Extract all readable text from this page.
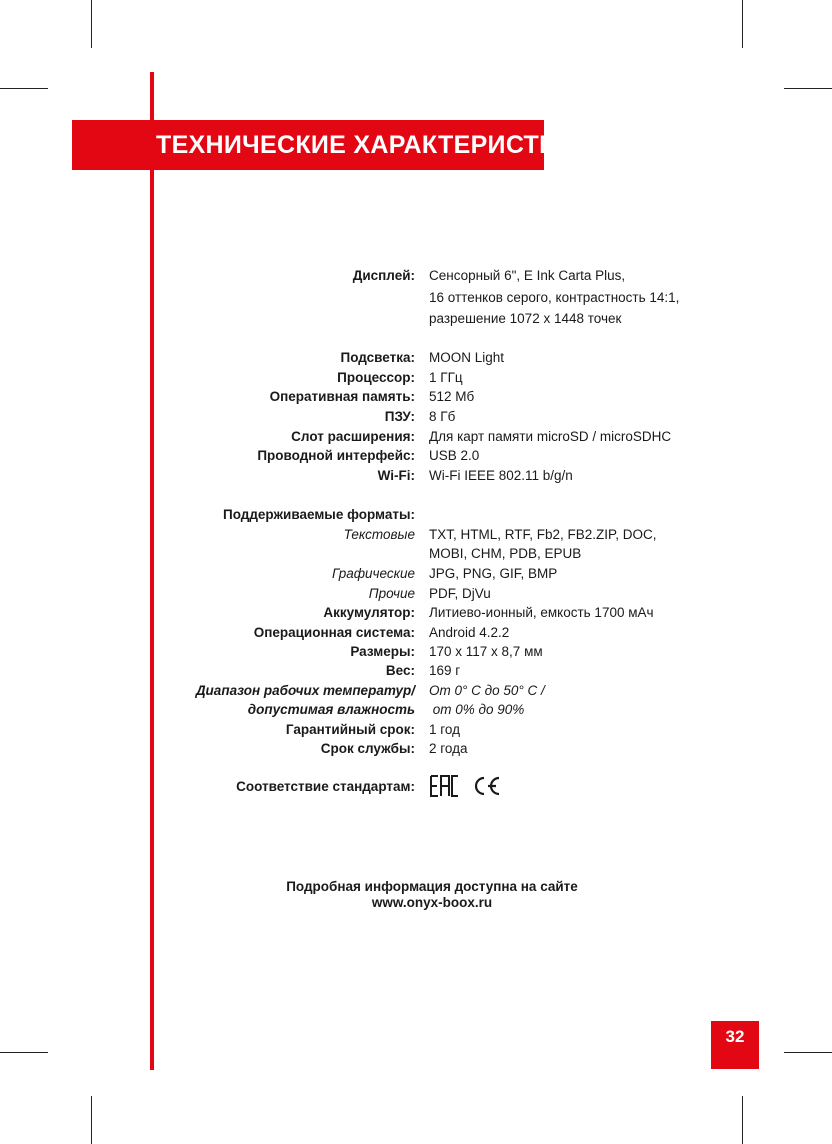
ТЕХНИЧЕСКИЕ ХАРАКТЕРИСТИКИ
Дисплей: Сенсорный 6", E Ink Carta Plus,
16 оттенков серого, контрастность 14:1,
разрешение 1072 x 1448 точек
Подсветка: MOON Light
Процессор: 1 ГГц
Оперативная память: 512 Мб
ПЗУ: 8 Гб
Слот расширения: Для карт памяти microSD / microSDHC
Проводной интерфейс: USB 2.0
Wi-Fi: Wi-Fi IEEE 802.11 b/g/n
Поддерживаемые форматы:
Текстовые TXT, HTML, RTF, Fb2, FB2.ZIP, DOC,
MOBI, CHM, PDB, EPUB
Графические JPG, PNG, GIF, BMP
Прочие PDF, DjVu
Аккумулятор: Литиево-ионный, емкость 1700 мАч
Операционная система: Android 4.2.2
Размеры: 170 x 117 x 8,7 мм
Вес: 169 г
Диапазон рабочих температур/ От 0° С до 50° С /
допустимая влажность от 0% до 90%
Гарантийный срок: 1 год
Срок службы: 2 года
Соответствие стандартам:
Подробная информация доступна на сайте
www.onyx-boox.ru
32
